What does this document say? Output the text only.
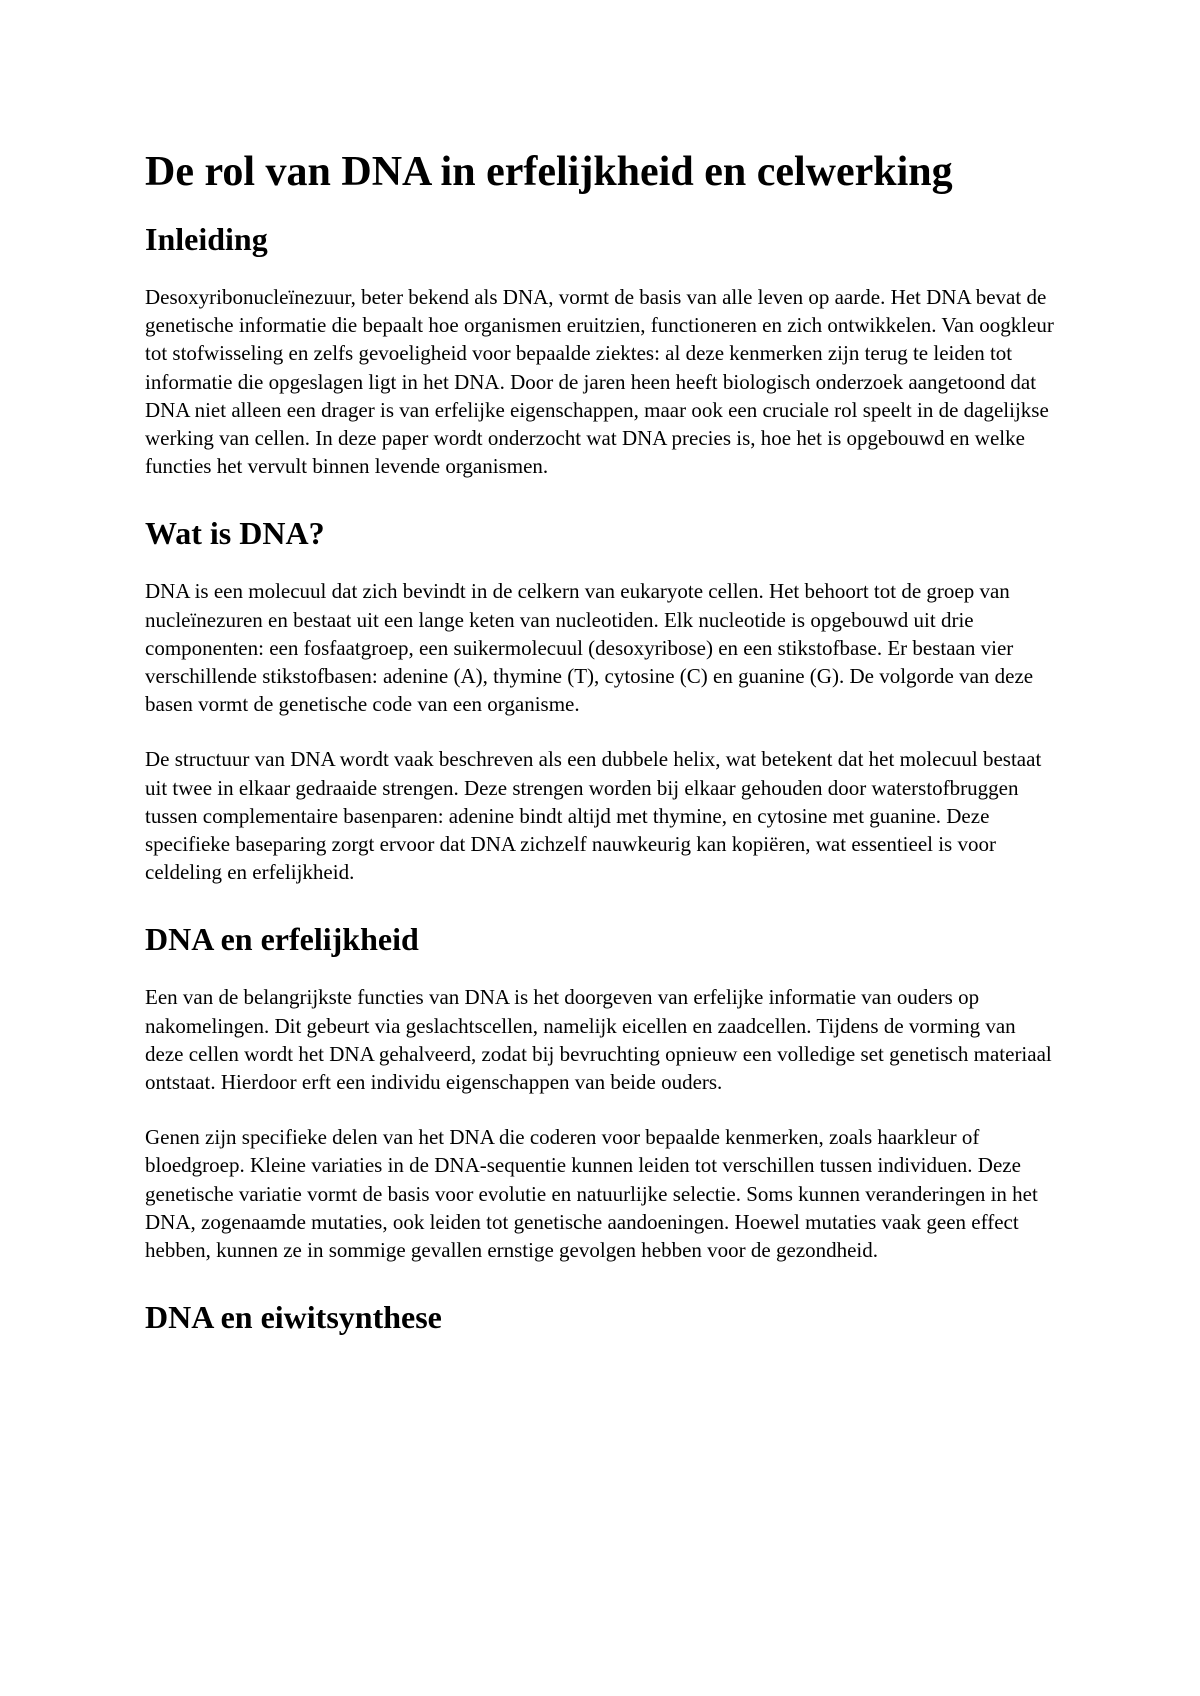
De rol van DNA in erfelijkheid en celwerking
Inleiding

Desoxyribonucleïnezuur, beter bekend als DNA, vormt de basis van alle leven op aarde. Het DNA bevat de genetische informatie die bepaalt hoe organismen eruitzien, functioneren en zich ontwikkelen. Van oogkleur tot stofwisseling en zelfs gevoeligheid voor bepaalde ziektes: al deze kenmerken zijn terug te leiden tot informatie die opgeslagen ligt in het DNA. Door de jaren heen heeft biologisch onderzoek aangetoond dat DNA niet alleen een drager is van erfelijke eigenschappen, maar ook een cruciale rol speelt in de dagelijkse werking van cellen. In deze paper wordt onderzocht wat DNA precies is, hoe het is opgebouwd en welke functies het vervult binnen levende organismen.

Wat is DNA?

DNA is een molecuul dat zich bevindt in de celkern van eukaryote cellen. Het behoort tot de groep van nucleïnezuren en bestaat uit een lange keten van nucleotiden. Elk nucleotide is opgebouwd uit drie componenten: een fosfaatgroep, een suikermolecuul (desoxyribose) en een stikstofbase. Er bestaan vier verschillende stikstofbasen: adenine (A), thymine (T), cytosine (C) en guanine (G). De volgorde van deze basen vormt de genetische code van een organisme.

De structuur van DNA wordt vaak beschreven als een dubbele helix, wat betekent dat het molecuul bestaat uit twee in elkaar gedraaide strengen. Deze strengen worden bij elkaar gehouden door waterstofbruggen tussen complementaire basenparen: adenine bindt altijd met thymine, en cytosine met guanine. Deze specifieke baseparing zorgt ervoor dat DNA zichzelf nauwkeurig kan kopiëren, wat essentieel is voor celdeling en erfelijkheid.

DNA en erfelijkheid

Een van de belangrijkste functies van DNA is het doorgeven van erfelijke informatie van ouders op nakomelingen. Dit gebeurt via geslachtscellen, namelijk eicellen en zaadcellen. Tijdens de vorming van deze cellen wordt het DNA gehalveerd, zodat bij bevruchting opnieuw een volledige set genetisch materiaal ontstaat. Hierdoor erft een individu eigenschappen van beide ouders.

Genen zijn specifieke delen van het DNA die coderen voor bepaalde kenmerken, zoals haarkleur of bloedgroep. Kleine variaties in de DNA-sequentie kunnen leiden tot verschillen tussen individuen. Deze genetische variatie vormt de basis voor evolutie en natuurlijke selectie. Soms kunnen veranderingen in het DNA, zogenaamde mutaties, ook leiden tot genetische aandoeningen. Hoewel mutaties vaak geen effect hebben, kunnen ze in sommige gevallen ernstige gevolgen hebben voor de gezondheid.

DNA en eiwitsynthese
